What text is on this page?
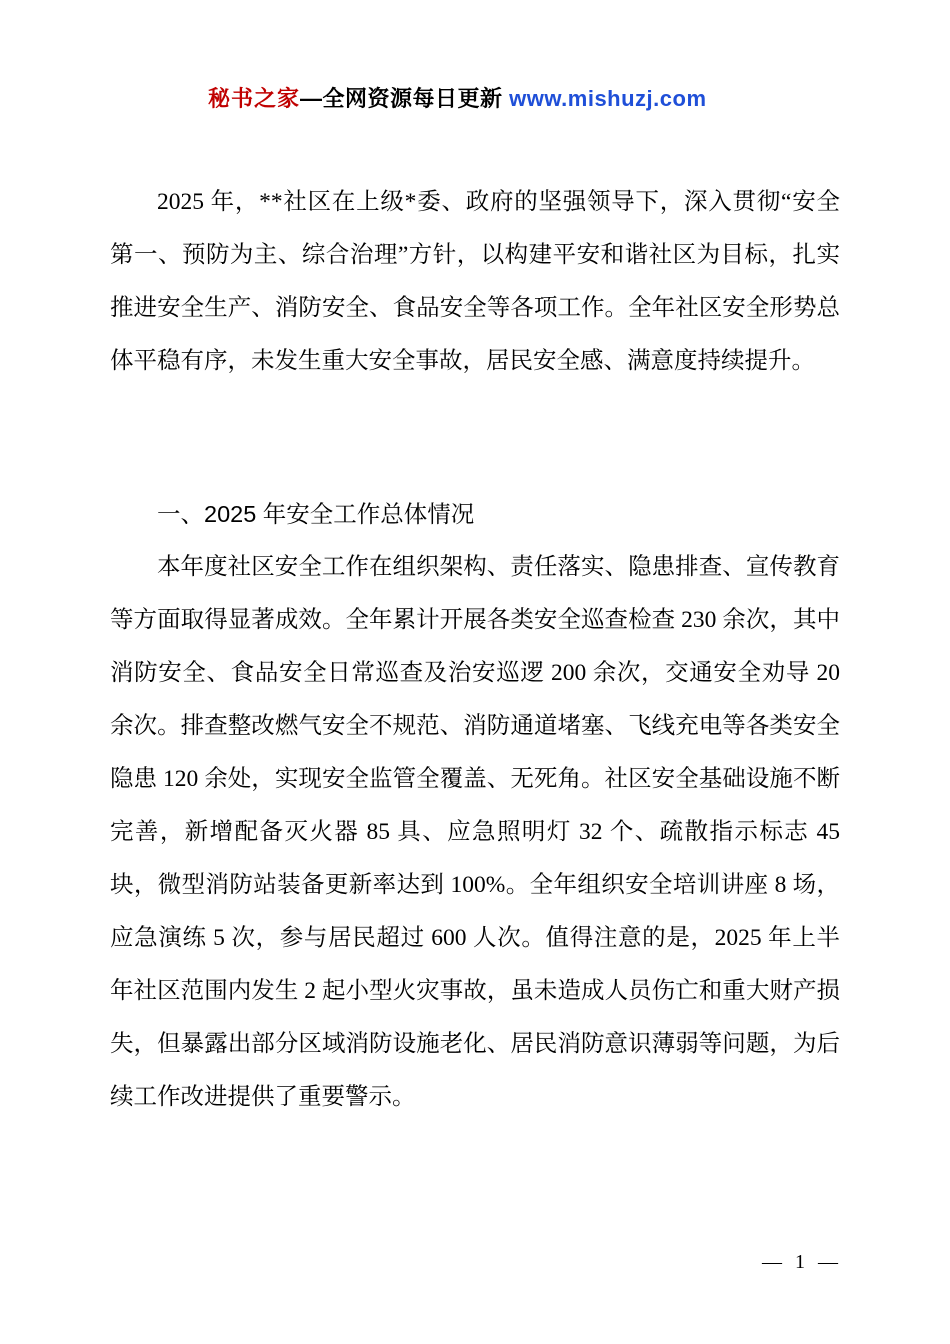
秘书之家—全网资源每日更新 www.mishuzj.com

2025 年，**社区在上级*委、政府的坚强领导下，深入贯彻“安全第一、预防为主、综合治理”方针，以构建平安和谐社区为目标，扎实推进安全生产、消防安全、食品安全等各项工作。全年社区安全形势总体平稳有序，未发生重大安全事故，居民安全感、满意度持续提升。

一、2025 年安全工作总体情况

本年度社区安全工作在组织架构、责任落实、隐患排查、宣传教育等方面取得显著成效。全年累计开展各类安全巡查检查 230 余次，其中消防安全、食品安全日常巡查及治安巡逻 200 余次，交通安全劝导 20 余次。排查整改燃气安全不规范、消防通道堵塞、飞线充电等各类安全隐患 120 余处，实现安全监管全覆盖、无死角。社区安全基础设施不断完善，新增配备灭火器 85 具、应急照明灯 32 个、疏散指示标志 45 块，微型消防站装备更新率达到 100%。全年组织安全培训讲座 8 场，应急演练 5 次，参与居民超过 600 人次。值得注意的是，2025 年上半年社区范围内发生 2 起小型火灾事故，虽未造成人员伤亡和重大财产损失，但暴露出部分区域消防设施老化、居民消防意识薄弱等问题，为后续工作改进提供了重要警示。

— 1 —
